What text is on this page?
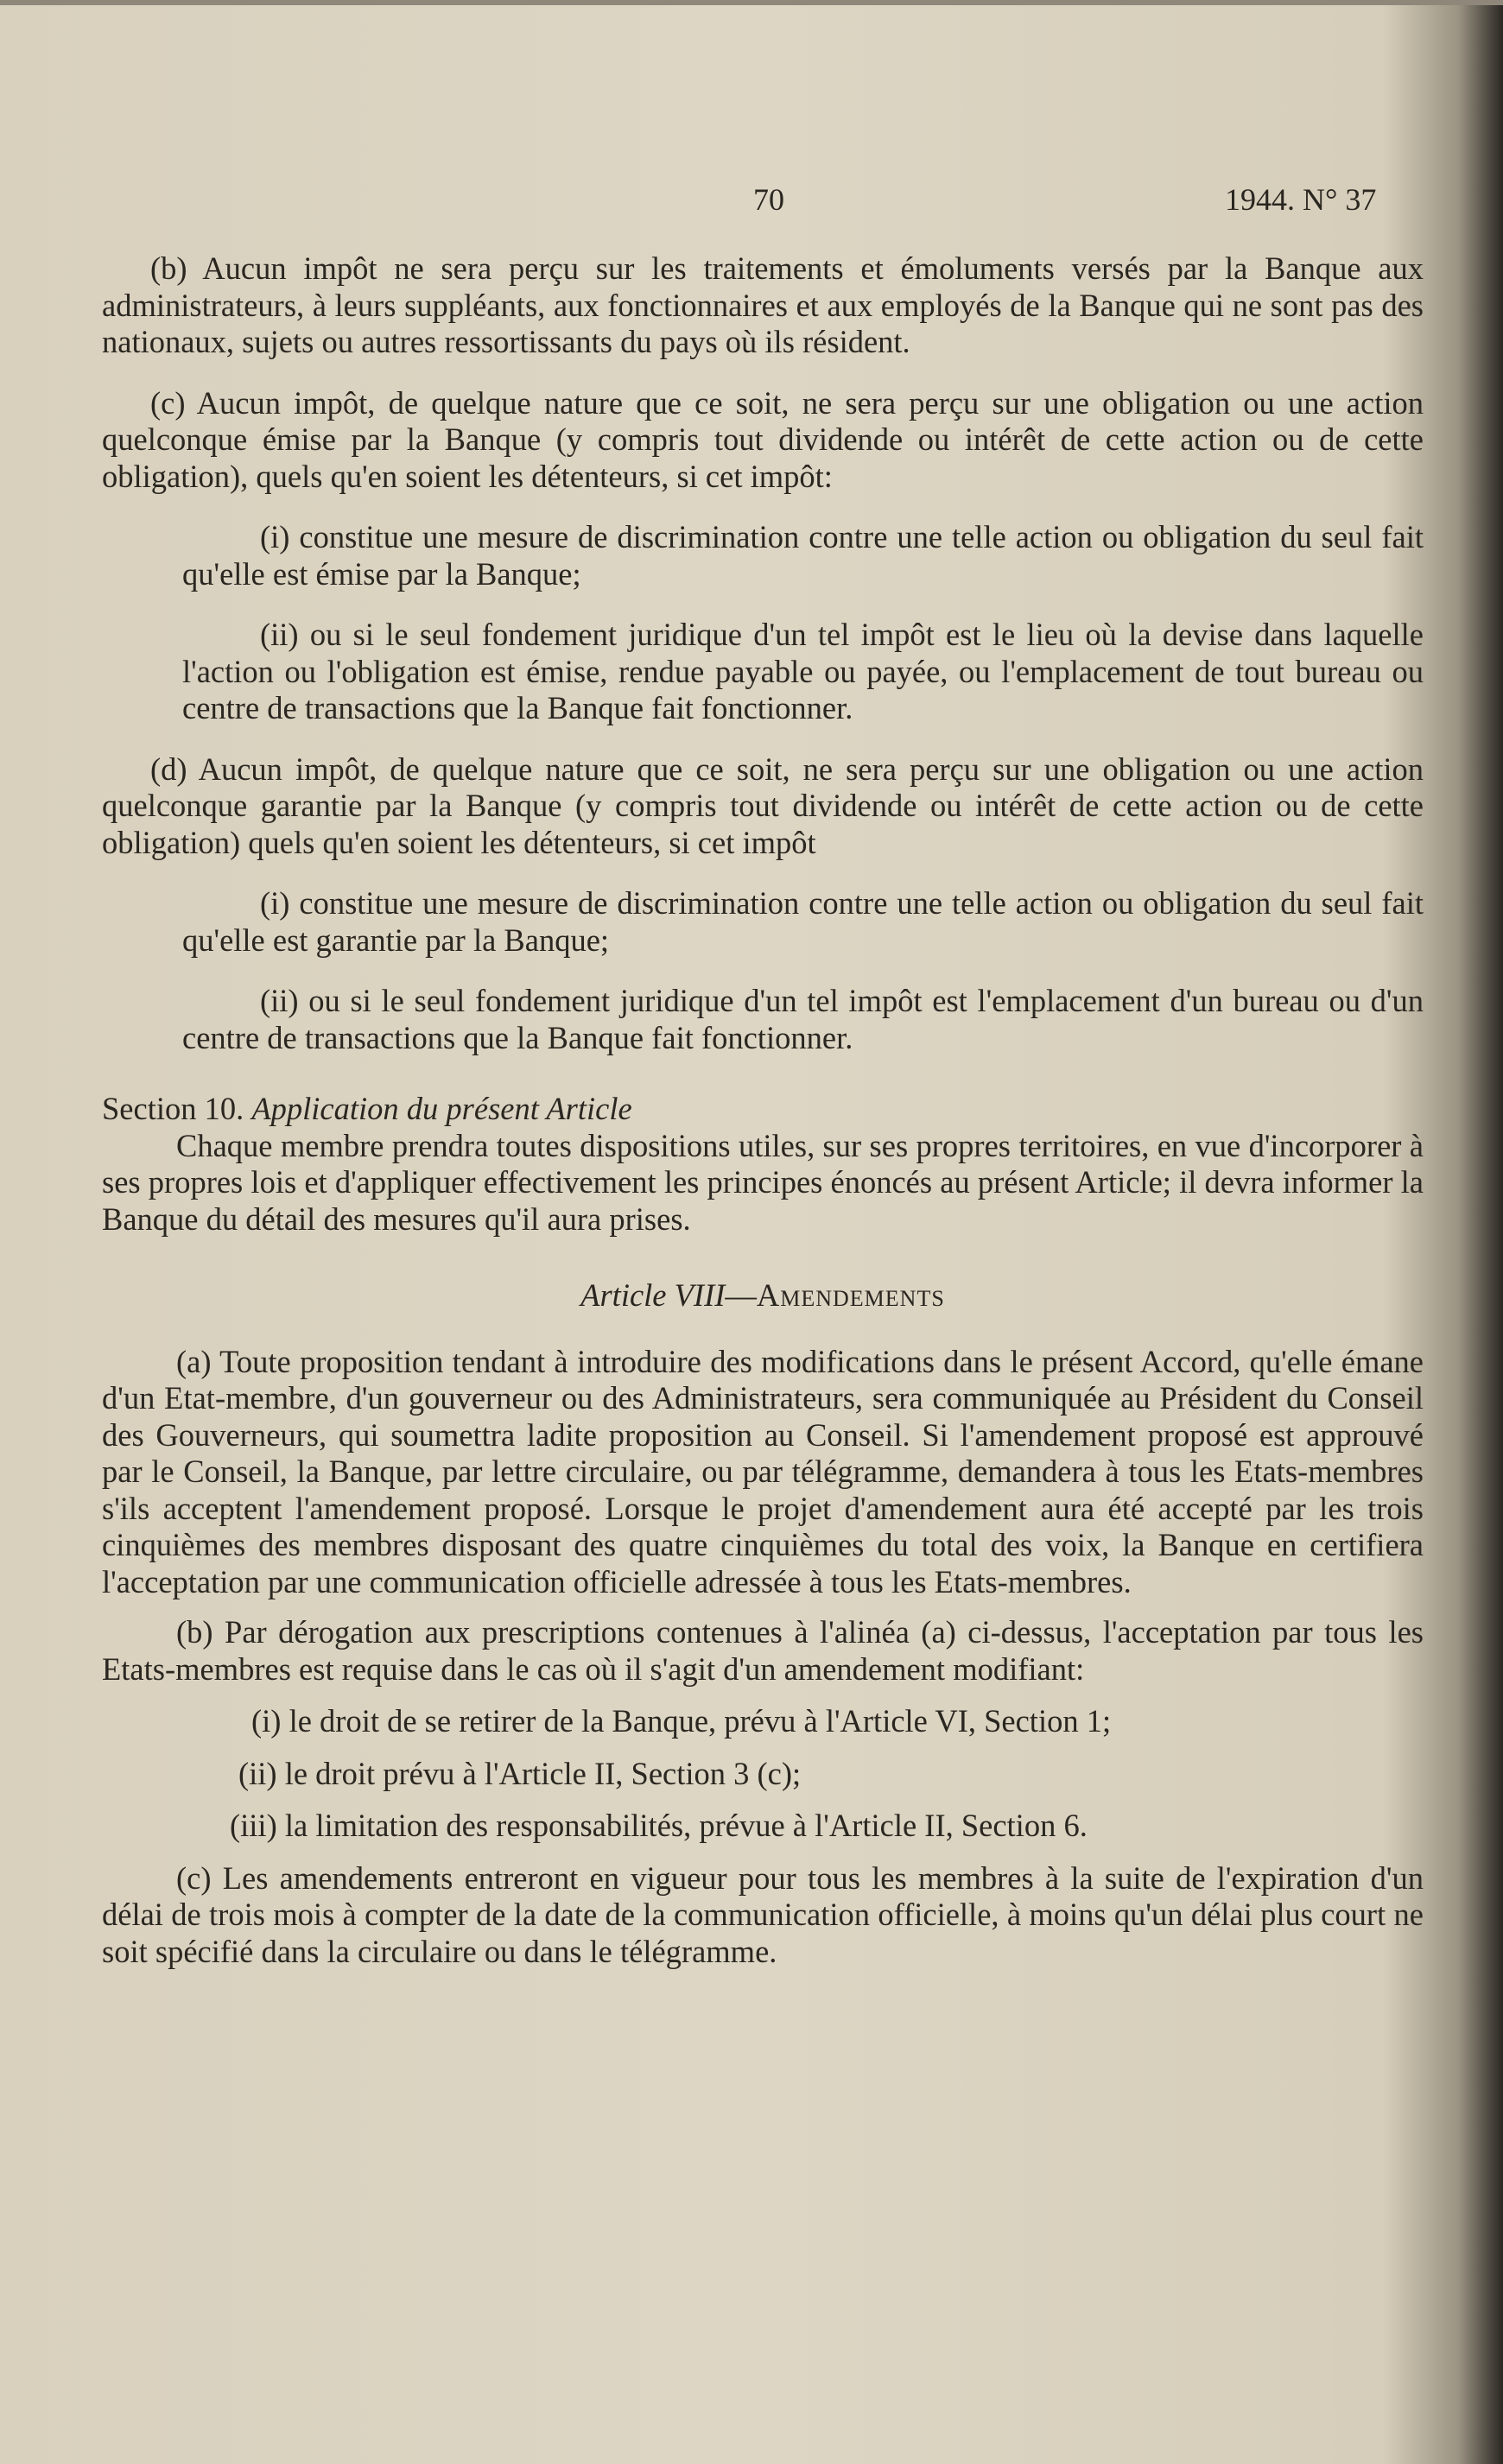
70	1944. N° 37

(b) Aucun impôt ne sera perçu sur les traitements et émoluments versés par la Banque aux administrateurs, à leurs suppléants, aux fonctionnaires et aux employés de la Banque qui ne sont pas des nationaux, sujets ou autres ressortissants du pays où ils résident.

(c) Aucun impôt, de quelque nature que ce soit, ne sera perçu sur une obligation ou une action quelconque émise par la Banque (y compris tout dividende ou intérêt de cette action ou de cette obligation), quels qu'en soient les détenteurs, si cet impôt:

(i) constitue une mesure de discrimination contre une telle action ou obligation du seul fait qu'elle est émise par la Banque;

(ii) ou si le seul fondement juridique d'un tel impôt est le lieu où la devise dans laquelle l'action ou l'obligation est émise, rendue payable ou payée, ou l'emplacement de tout bureau ou centre de transactions que la Banque fait fonctionner.

(d) Aucun impôt, de quelque nature que ce soit, ne sera perçu sur une obligation ou une action quelconque garantie par la Banque (y compris tout dividende ou intérêt de cette action ou de cette obligation) quels qu'en soient les détenteurs, si cet impôt

(i) constitue une mesure de discrimination contre une telle action ou obligation du seul fait qu'elle est garantie par la Banque;

(ii) ou si le seul fondement juridique d'un tel impôt est l'emplacement d'un bureau ou d'un centre de transactions que la Banque fait fonctionner.

Section 10. Application du présent Article

Chaque membre prendra toutes dispositions utiles, sur ses propres territoires, en vue d'incorporer à ses propres lois et d'appliquer effectivement les principes énoncés au présent Article; il devra informer la Banque du détail des mesures qu'il aura prises.

Article VIII—Amendements

(a) Toute proposition tendant à introduire des modifications dans le présent Accord, qu'elle émane d'un Etat-membre, d'un gouverneur ou des Administrateurs, sera communiquée au Président du Conseil des Gouverneurs, qui soumettra ladite proposition au Conseil. Si l'amendement proposé est approuvé par le Conseil, la Banque, par lettre circulaire, ou par télégramme, demandera à tous les Etats-membres s'ils acceptent l'amendement proposé. Lorsque le projet d'amendement aura été accepté par les trois cinquièmes des membres disposant des quatre cinquièmes du total des voix, la Banque en certifiera l'acceptation par une communication officielle adressée à tous les Etats-membres.

(b) Par dérogation aux prescriptions contenues à l'alinéa (a) ci-dessus, l'acceptation par tous les Etats-membres est requise dans le cas où il s'agit d'un amendement modifiant:

(i) le droit de se retirer de la Banque, prévu à l'Article VI, Section 1;

(ii) le droit prévu à l'Article II, Section 3 (c);

(iii) la limitation des responsabilités, prévue à l'Article II, Section 6.

(c) Les amendements entreront en vigueur pour tous les membres à la suite de l'expiration d'un délai de trois mois à compter de la date de la communication officielle, à moins qu'un délai plus court ne soit spécifié dans la circulaire ou dans le télégramme.
